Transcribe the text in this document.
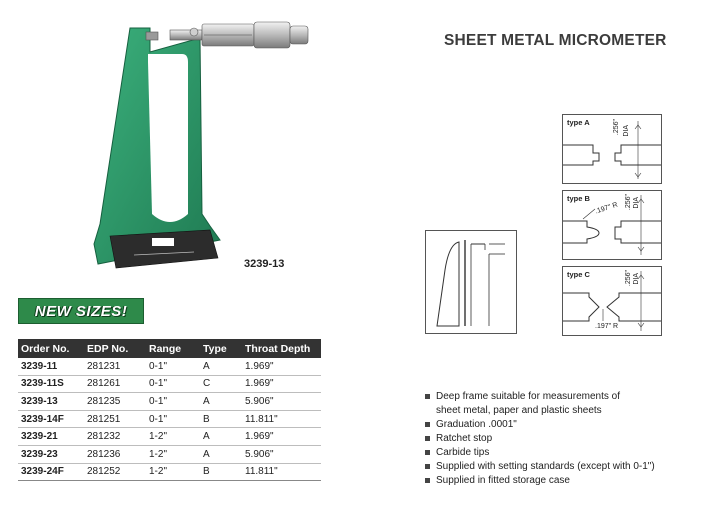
SHEET METAL MICROMETER
3239-13
NEW SIZES!
Order No.	EDP No.	Range	Type	Throat Depth
3239-11	281231	0-1"	A	1.969"
3239-11S	281261	0-1"	C	1.969"
3239-13	281235	0-1"	A	5.906"
3239-14F	281251	0-1"	B	11.811"
3239-21	281232	1-2"	A	1.969"
3239-23	281236	1-2"	A	5.906"
3239-24F	281252	1-2"	B	11.811"
type A	.256" DIA
type B
.197" R .256" DIA
type C
.197" R
.256" DIA
Deep frame suitable for measurements of
sheet metal, paper and plastic sheets
Graduation .0001"
Ratchet stop
Carbide tips
Supplied with setting standards (except with 0-1")
Supplied in fitted storage case
